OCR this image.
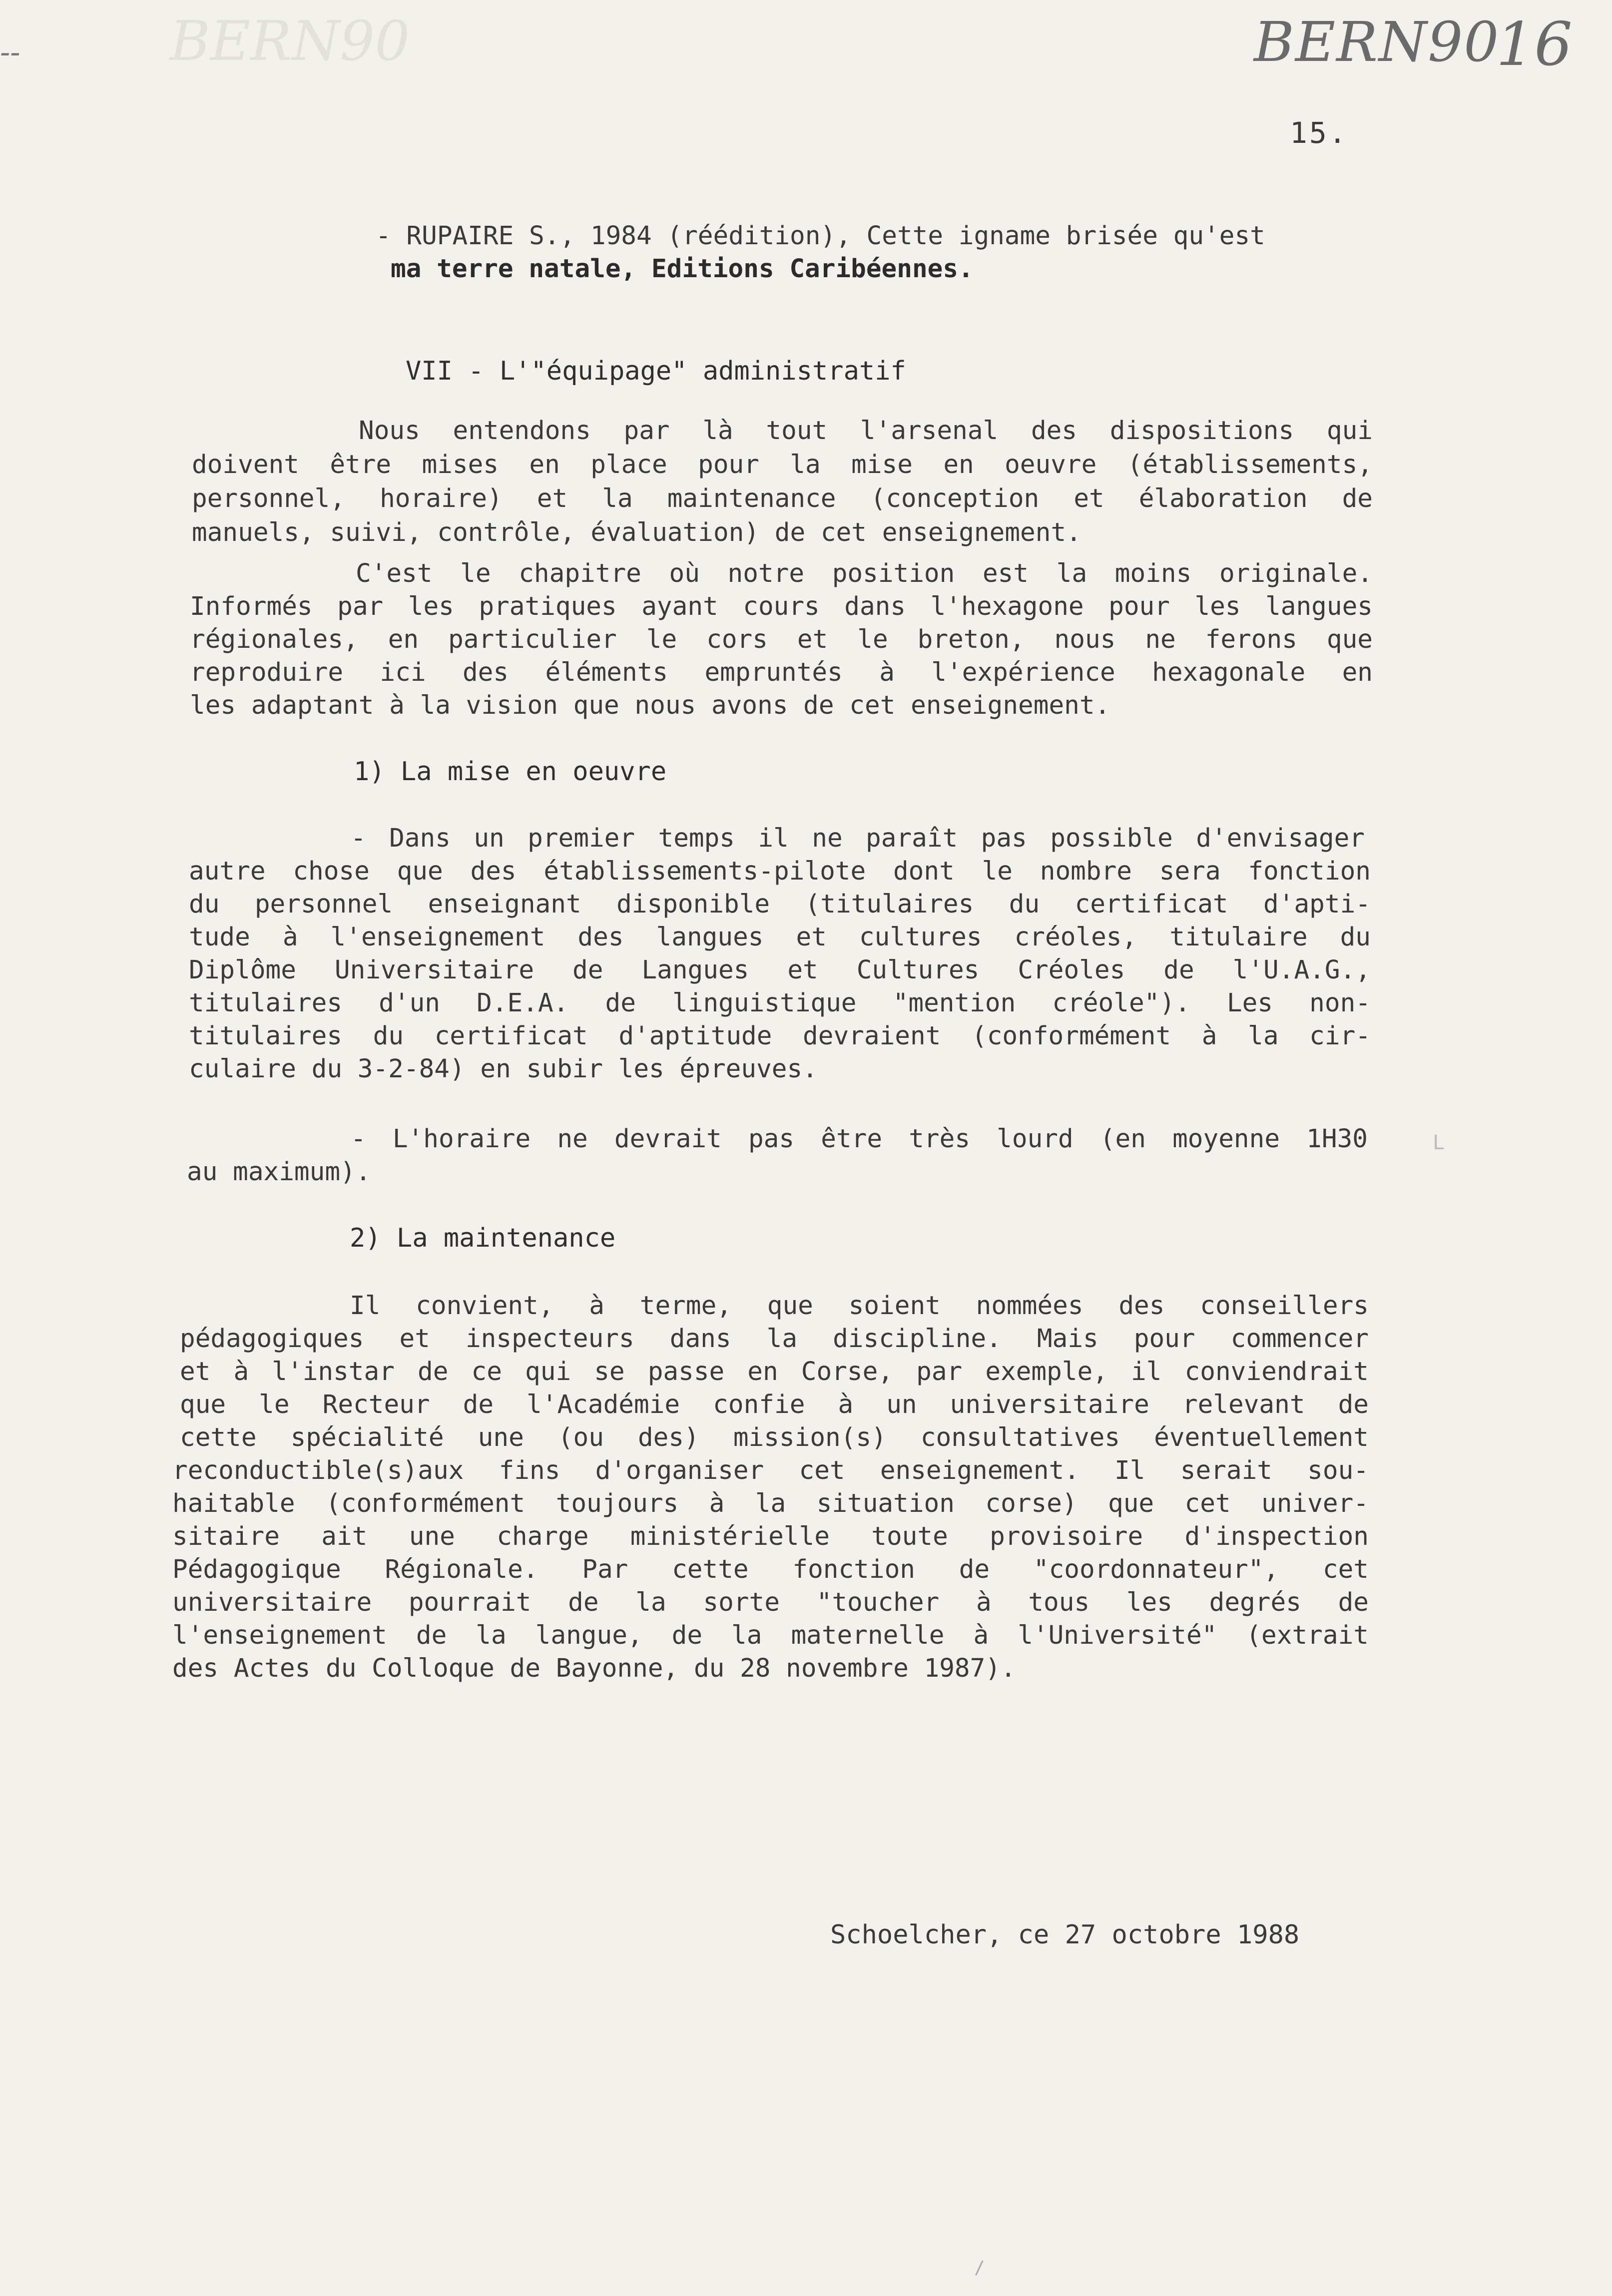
--	BERN90	BERN90
16
15.
- RUPAIRE S., 1984 (réédition), Cette igname brisée qu'est
ma terre natale, Editions Caribéennes.
VII - L'"équipage" administratif
Nous entendons par là tout l'arsenal des dispositions qui
doivent être mises en place pour la mise en oeuvre (établissements,
personnel, horaire) et la maintenance (conception et élaboration de
manuels, suivi, contrôle, évaluation) de cet enseignement.
C'est le chapitre où notre position est la moins originale.
Informés par les pratiques ayant cours dans l'hexagone pour les langues
régionales, en particulier le cors et le breton, nous ne ferons que
reproduire ici des éléments empruntés à l'expérience hexagonale en
les adaptant à la vision que nous avons de cet enseignement.
1) La mise en oeuvre
- Dans un premier temps il ne paraît pas possible d'envisager
autre chose que des établissements-pilote dont le nombre sera fonction
du personnel enseignant disponible (titulaires du certificat d'apti-
tude à l'enseignement des langues et cultures créoles, titulaire du
Diplôme Universitaire de Langues et Cultures Créoles de l'U.A.G.,
titulaires d'un D.E.A. de linguistique "mention créole"). Les non-
titulaires du certificat d'aptitude devraient (conformément à la cir-
culaire du 3-2-84) en subir les épreuves.
- L'horaire ne devrait pas être très lourd (en moyenne 1H30
au maximum).
2) La maintenance
Il convient, à terme, que soient nommées des conseillers
pédagogiques et inspecteurs dans la discipline. Mais pour commencer
et à l'instar de ce qui se passe en Corse, par exemple, il conviendrait
que le Recteur de l'Académie confie à un universitaire relevant de
cette spécialité une (ou des) mission(s) consultatives éventuellement
reconductible(s)aux fins d'organiser cet enseignement. Il serait sou-
haitable (conformément toujours à la situation corse) que cet univer-
sitaire ait une charge ministérielle toute provisoire d'inspection
Pédagogique Régionale. Par cette fonction de "coordonnateur", cet
universitaire pourrait de la sorte "toucher à tous les degrés de
l'enseignement de la langue, de la maternelle à l'Université" (extrait
des Actes du Colloque de Bayonne, du 28 novembre 1987).
Schoelcher, ce 27 octobre 1988
L
/
